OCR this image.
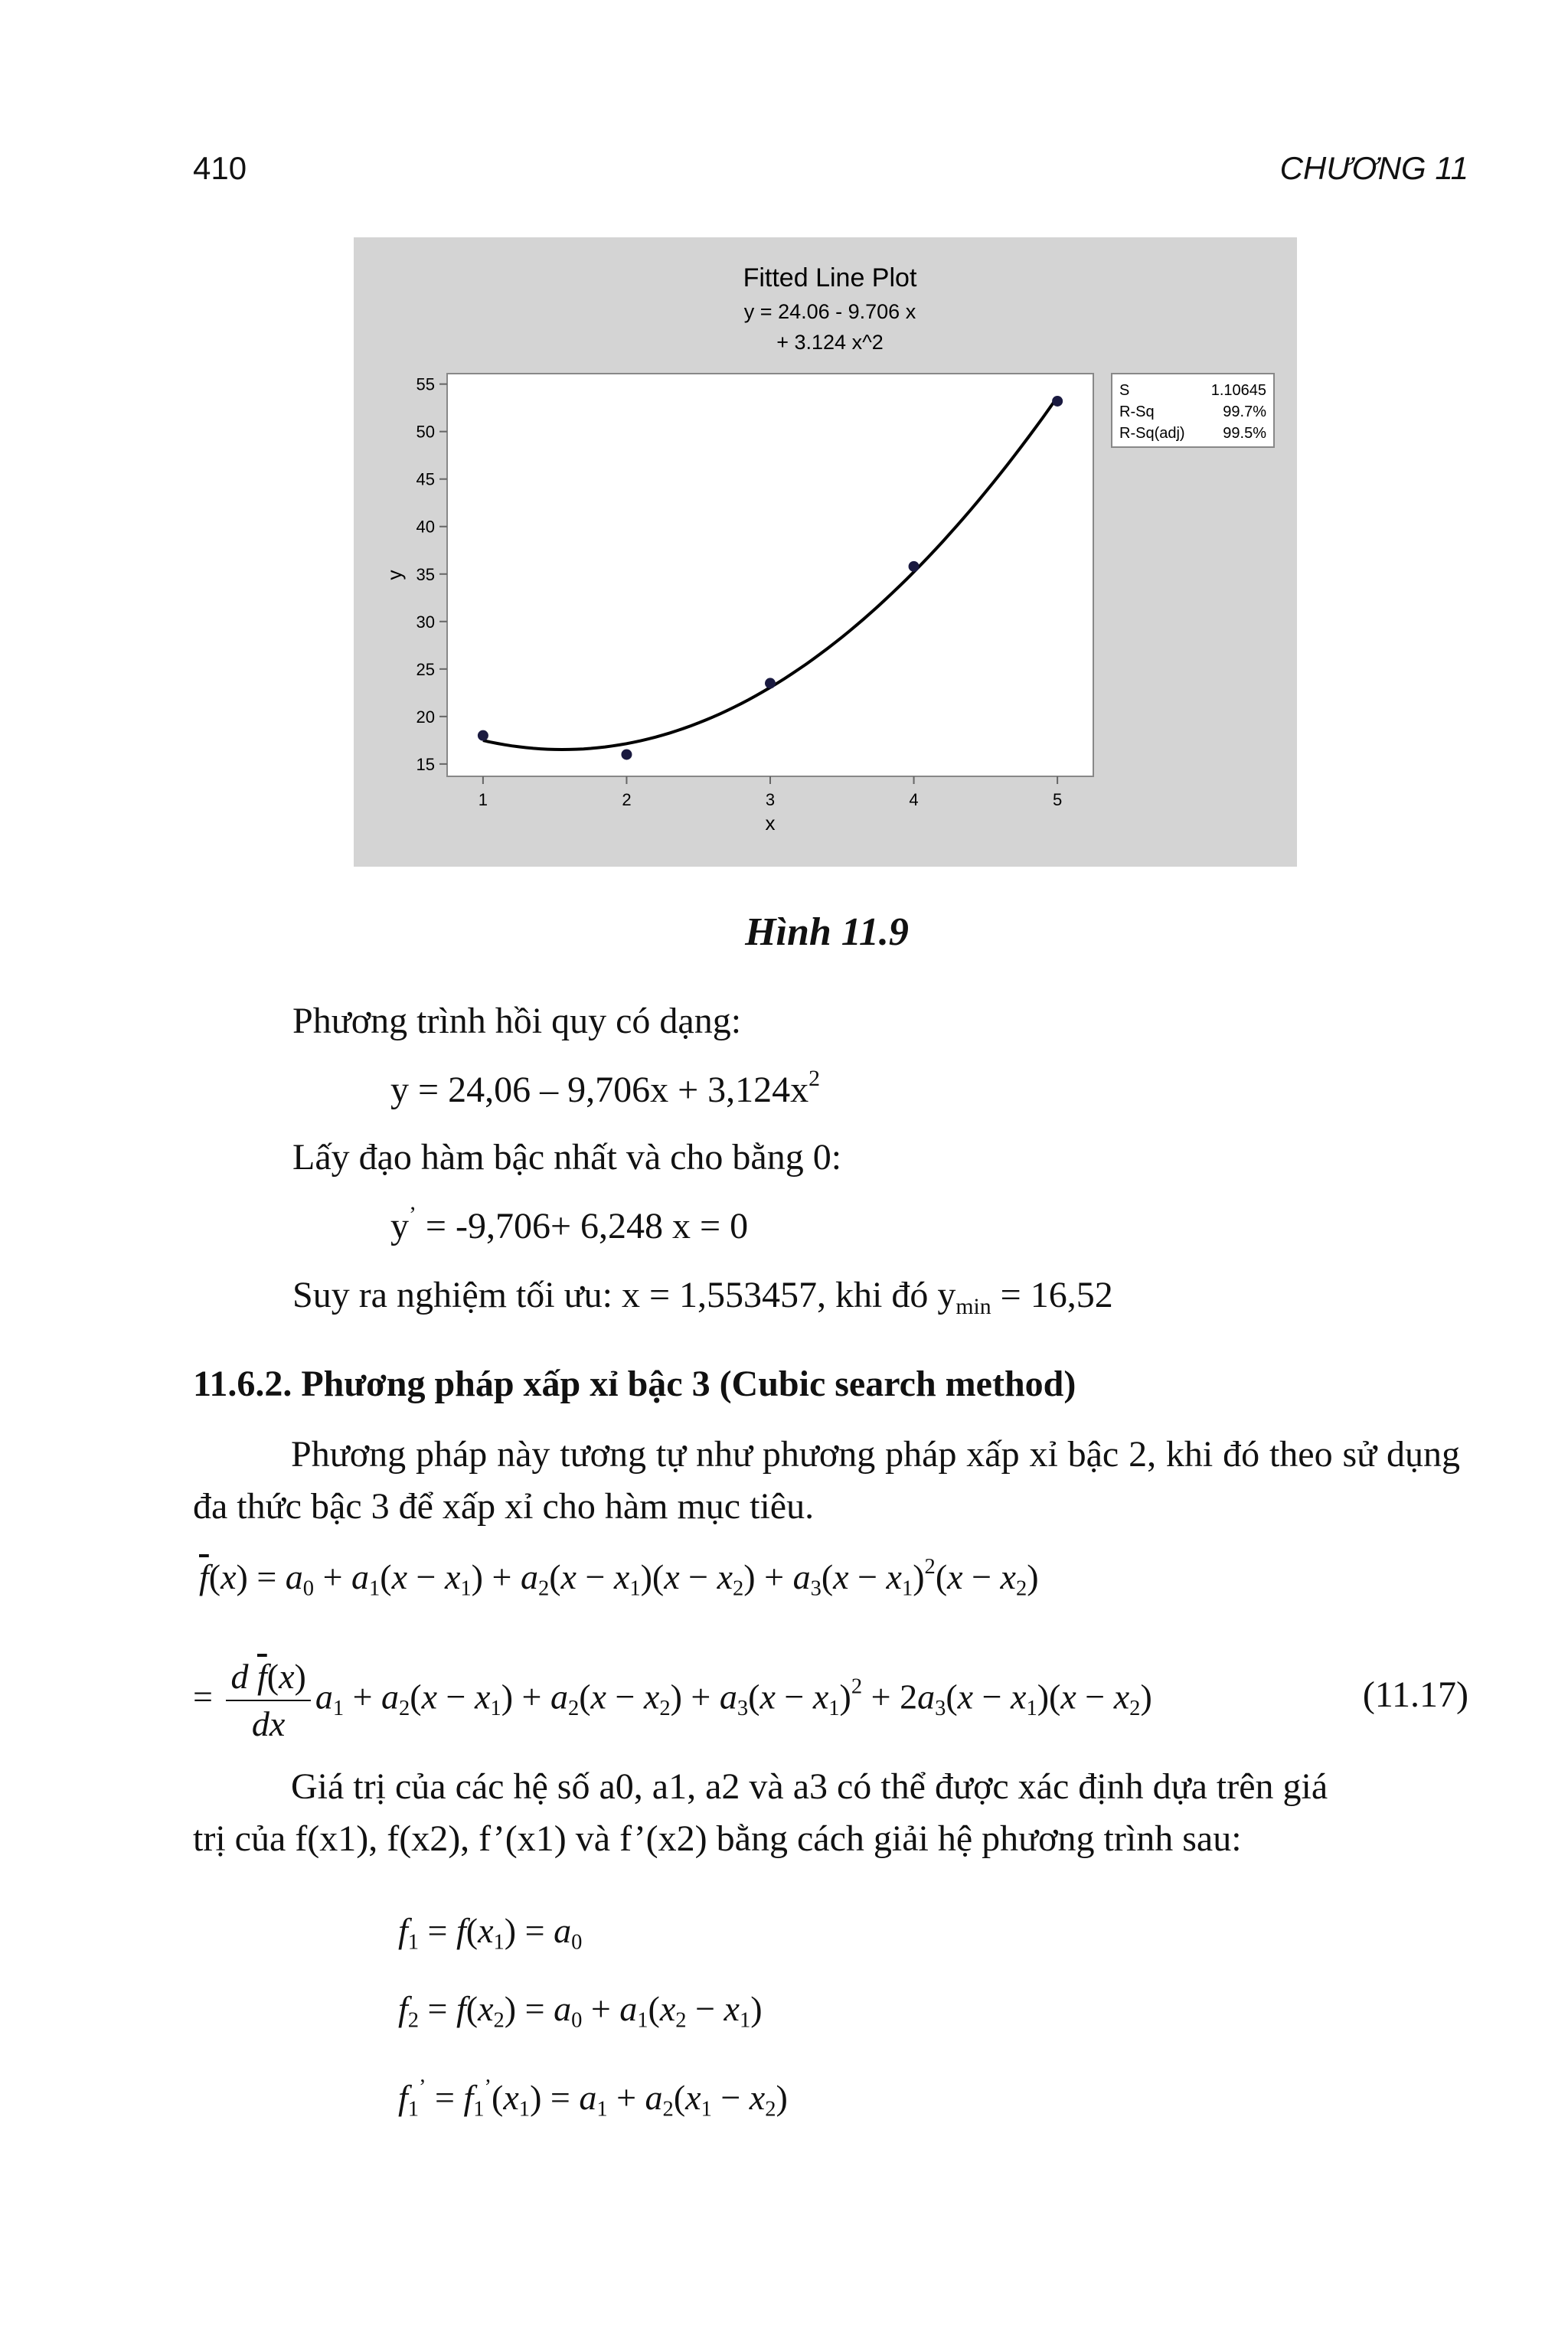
410	CHƯƠNG 11
Fitted Line Plot
y = 24.06 - 9.706 x
+ 3.124 x^2
15
20
25
30
35
40
45
50
55
1	2	3	4	5
x
y
S	1.10645
R-Sq	99.7%
R-Sq(adj) 99.5%
Hình 11.9
Phương trình hồi quy có dạng:
$y = 24,06 - 9,706x + 3,124x^2$
Lấy đạo hàm bậc nhất và cho bằng 0:
y’ = -9,706+ 6,248 x = 0
Suy ra nghiệm tối ưu: x = 1,553457, khi đó $y_{min} = 16,52$
11.6.2. Phương pháp xấp xỉ bậc 3 (Cubic search method)
Phương pháp này tương tự như phương pháp xấp xỉ bậc 2, khi đó theo sử dụng đa thức bậc 3 để xấp xỉ cho hàm mục tiêu.
$\overline{f}(x) = a_0 + a_1(x - x_1) + a_2(x - x_1)(x - x_2) + a_3(x - x_1)^2(x - x_2)$
= $\frac{d \overline{f}(x)}{dx} a_1 + a_2(x - x_1) + a_2(x - x_2) + a_3(x - x_1)^2 + 2a_3(x - x_1)(x - x_2)$	(11.17)
Giá trị của các hệ số a0, a1, a2 và a3 có thể được xác định dựa trên giá
trị của f(x1), f(x2), f’(x1) và f’(x2) bằng cách giải hệ phương trình sau:
$f_1 = f(x_1) = a_0$
$f_2 = f(x_2) = a_0 + a_1(x_2 - x_1)$
$f_1^’ = f_1^’(x_1) = a_1 + a_2(x_1 - x_2)$
